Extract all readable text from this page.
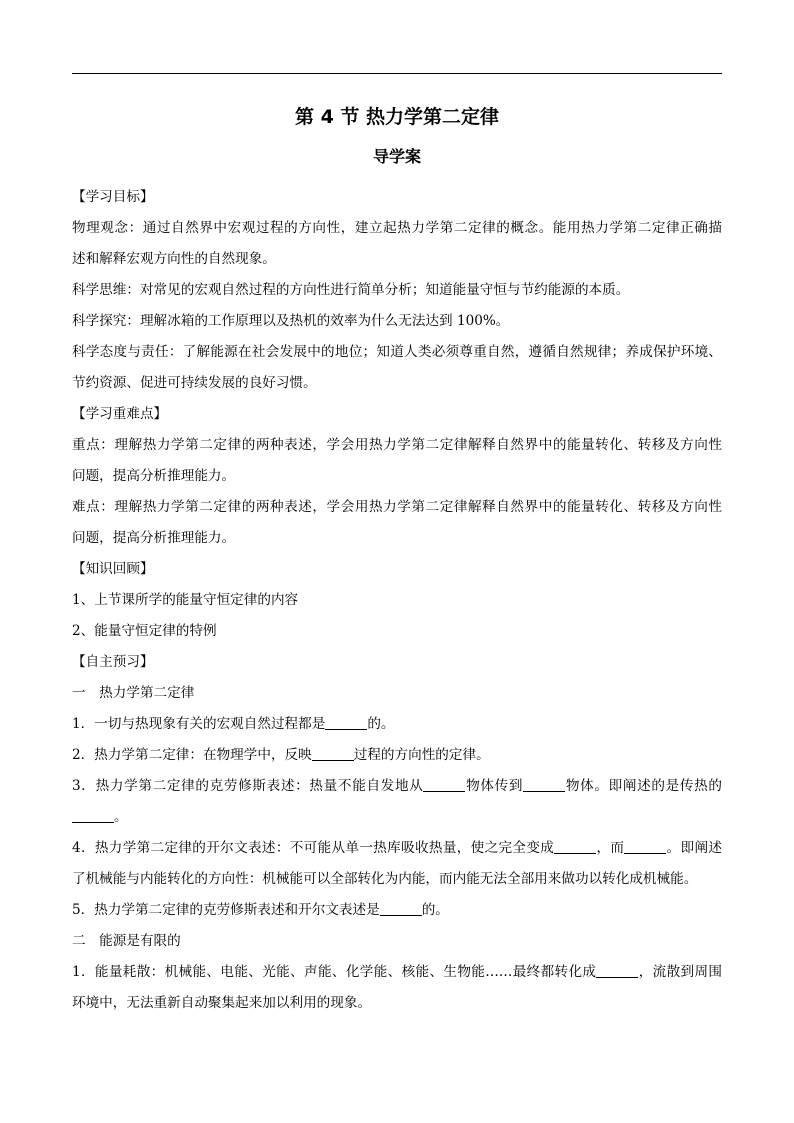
第 4 节 热力学第二定律
导学案
【学习目标】
物理观念：通过自然界中宏观过程的方向性，建立起热力学第二定律的概念。能用热力学第二定律正确描
述和解释宏观方向性的自然现象。
科学思维：对常见的宏观自然过程的方向性进行简单分析；知道能量守恒与节约能源的本质。
科学探究：理解冰箱的工作原理以及热机的效率为什么无法达到 100%。
科学态度与责任：了解能源在社会发展中的地位；知道人类必须尊重自然，遵循自然规律；养成保护环境、
节约资源、促进可持续发展的良好习惯。
【学习重难点】
重点：理解热力学第二定律的两种表述，学会用热力学第二定律解释自然界中的能量转化、转移及方向性
问题，提高分析推理能力。
难点：理解热力学第二定律的两种表述，学会用热力学第二定律解释自然界中的能量转化、转移及方向性
问题，提高分析推理能力。
【知识回顾】
1、上节课所学的能量守恒定律的内容
2、能量守恒定律的特例
【自主预习】
一　热力学第二定律
1．一切与热现象有关的宏观自然过程都是	的。
2．热力学第二定律：在物理学中，反映	过程的方向性的定律。
3．热力学第二定律的克劳修斯表述：热量不能自发地从	物体传到	物体。即阐述的是传热的
。
4．热力学第二定律的开尔文表述：不可能从单一热库吸收热量，使之完全变成	，而	。即阐述
了机械能与内能转化的方向性：机械能可以全部转化为内能，而内能无法全部用来做功以转化成机械能。
5．热力学第二定律的克劳修斯表述和开尔文表述是	的。
二　能源是有限的
1．能量耗散：机械能、电能、光能、声能、化学能、核能、生物能……最终都转化成	，流散到周围
环境中，无法重新自动聚集起来加以利用的现象。
